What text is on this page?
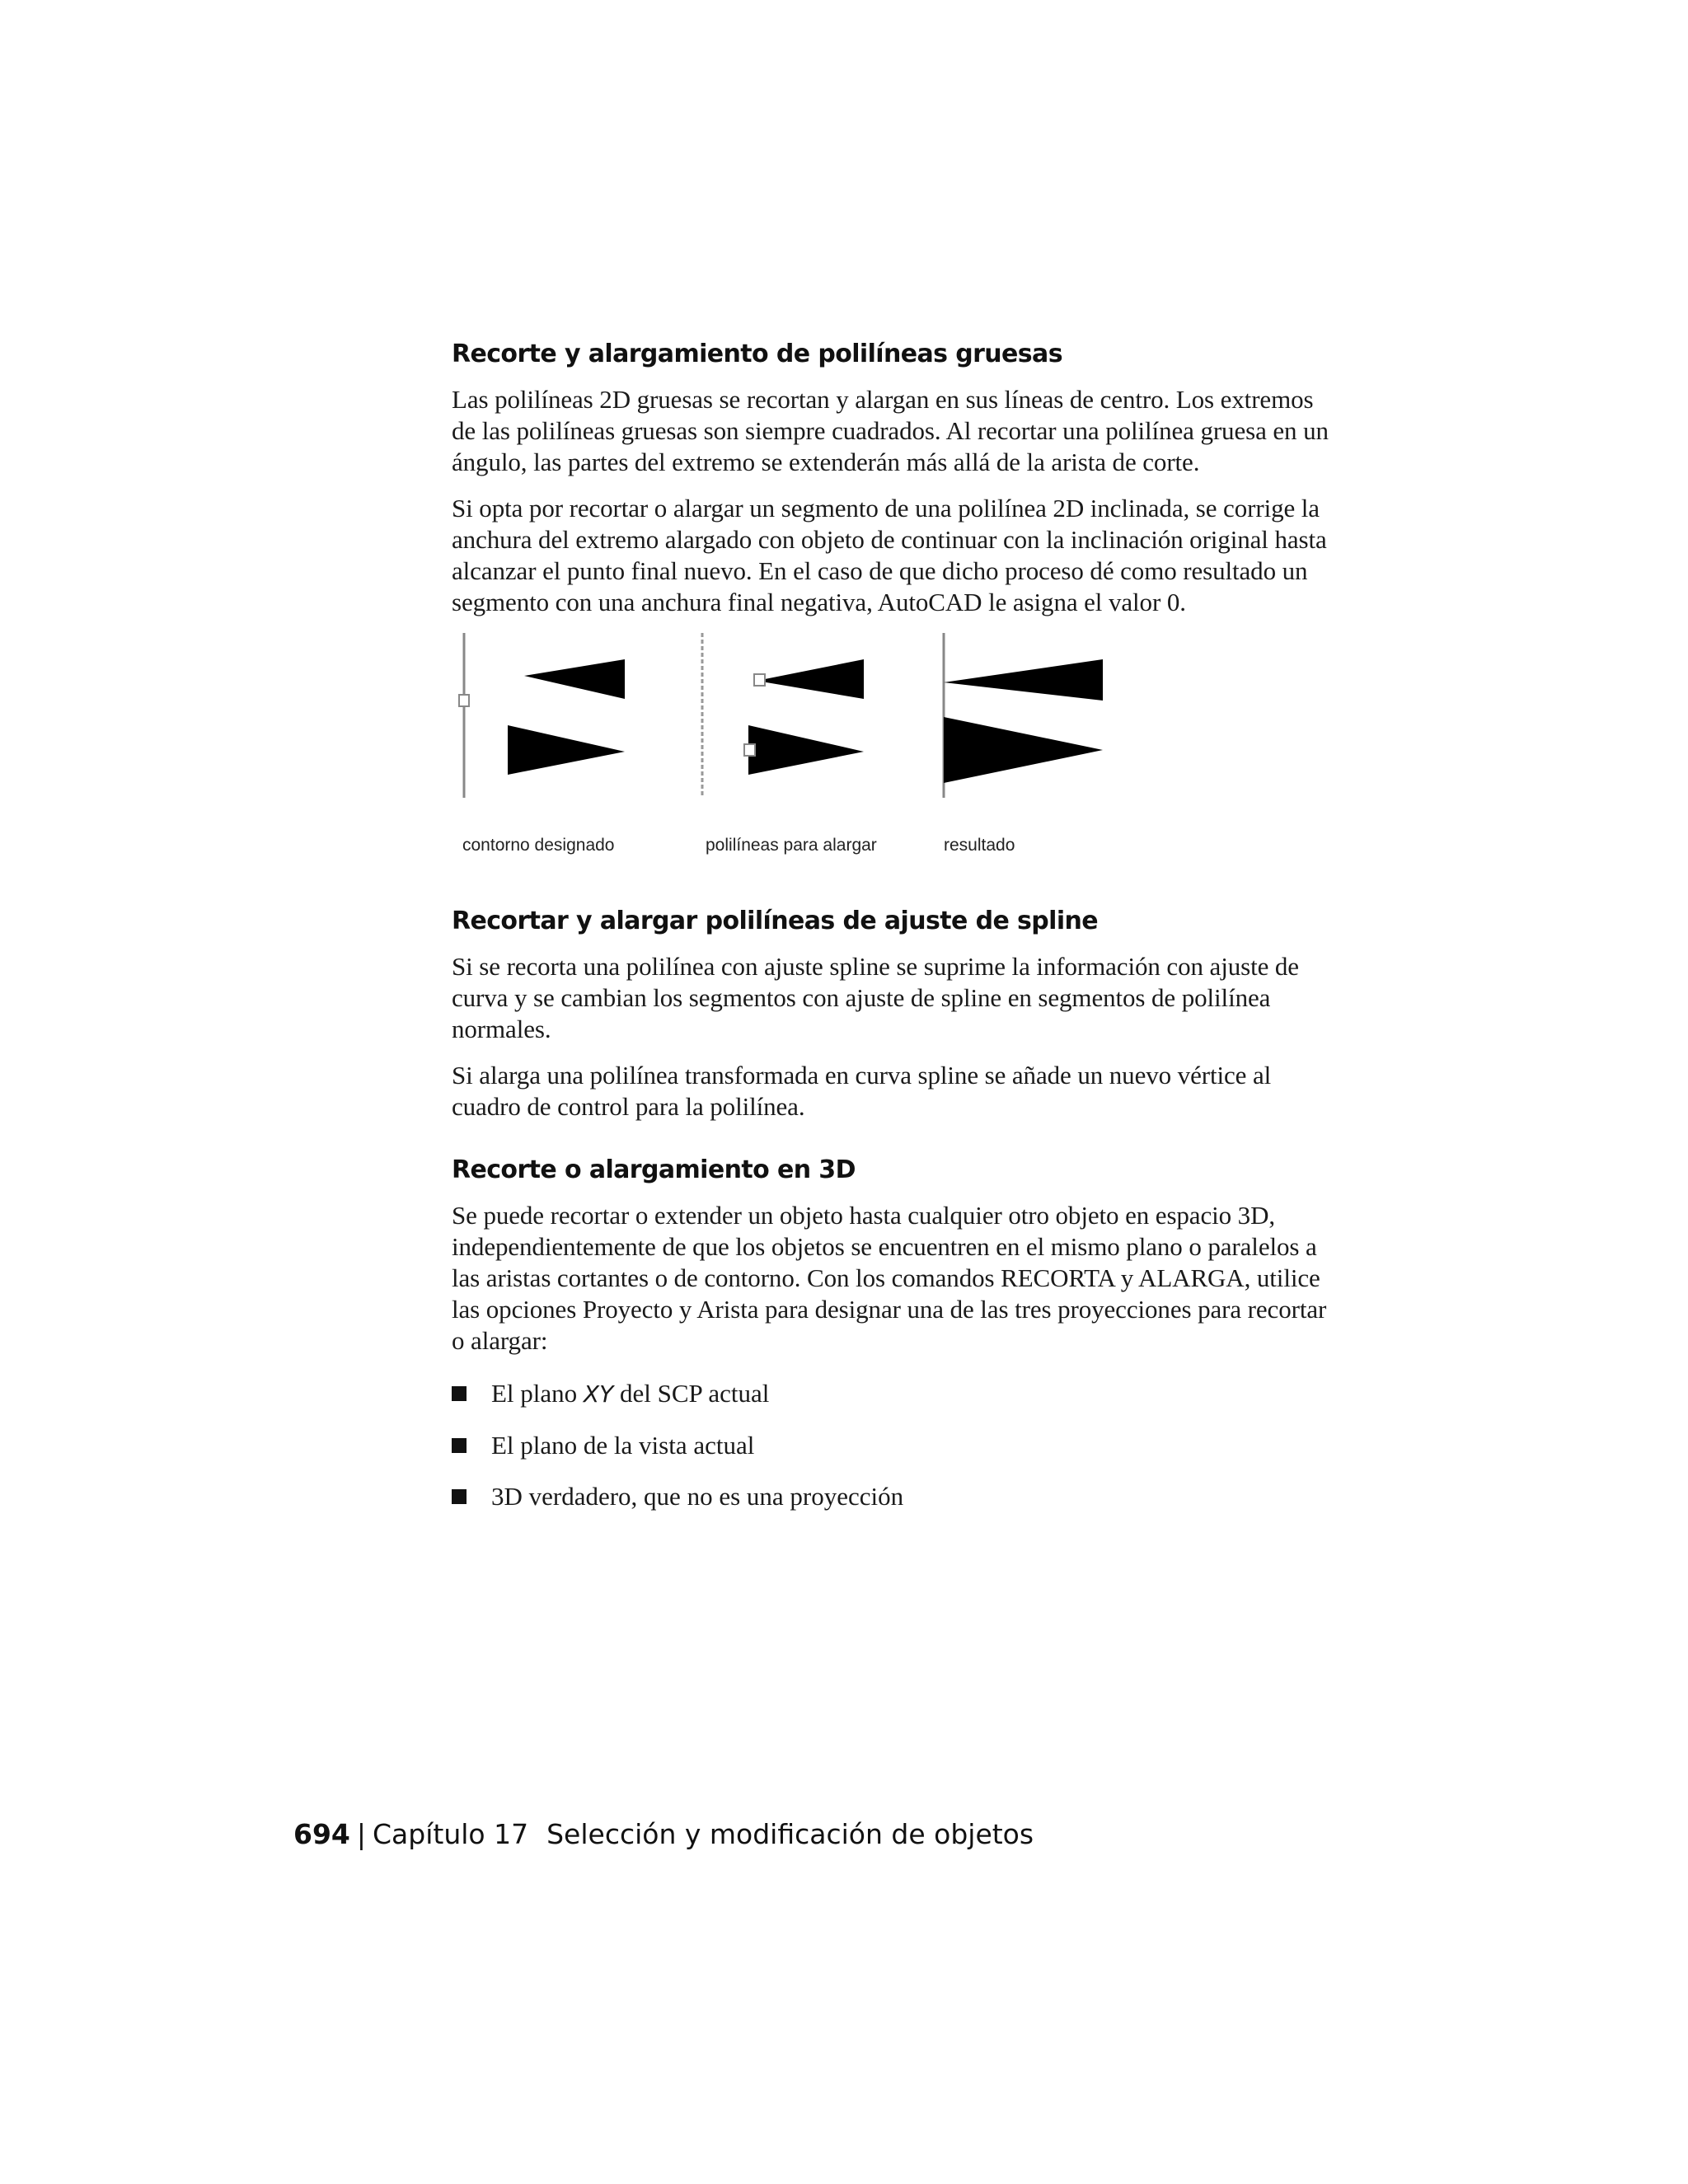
Recorte y alargamiento de polilíneas gruesas

Las polilíneas 2D gruesas se recortan y alargan en sus líneas de centro. Los extremos de las polilíneas gruesas son siempre cuadrados. Al recortar una polilínea gruesa en un ángulo, las partes del extremo se extenderán más allá de la arista de corte.

Si opta por recortar o alargar un segmento de una polilínea 2D inclinada, se corrige la anchura del extremo alargado con objeto de continuar con la inclinación original hasta alcanzar el punto final nuevo. En el caso de que dicho proceso dé como resultado un segmento con una anchura final negativa, AutoCAD le asigna el valor 0.

contorno designado	polilíneas para alargar	resultado
Recortar y alargar polilíneas de ajuste de spline

Si se recorta una polilínea con ajuste spline se suprime la información con ajuste de curva y se cambian los segmentos con ajuste de spline en segmentos de polilínea normales.

Si alarga una polilínea transformada en curva spline se añade un nuevo vértice al cuadro de control para la polilínea.

Recorte o alargamiento en 3D

Se puede recortar o extender un objeto hasta cualquier otro objeto en espacio 3D, independientemente de que los objetos se encuentren en el mismo plano o paralelos a las aristas cortantes o de contorno. Con los comandos RECORTA y ALARGA, utilice las opciones Proyecto y Arista para designar una de las tres proyecciones para recortar o alargar:

El plano XY del SCP actual
El plano de la vista actual
3D verdadero, que no es una proyección
694 | Capítulo 17 Selección y modificación de objetos
